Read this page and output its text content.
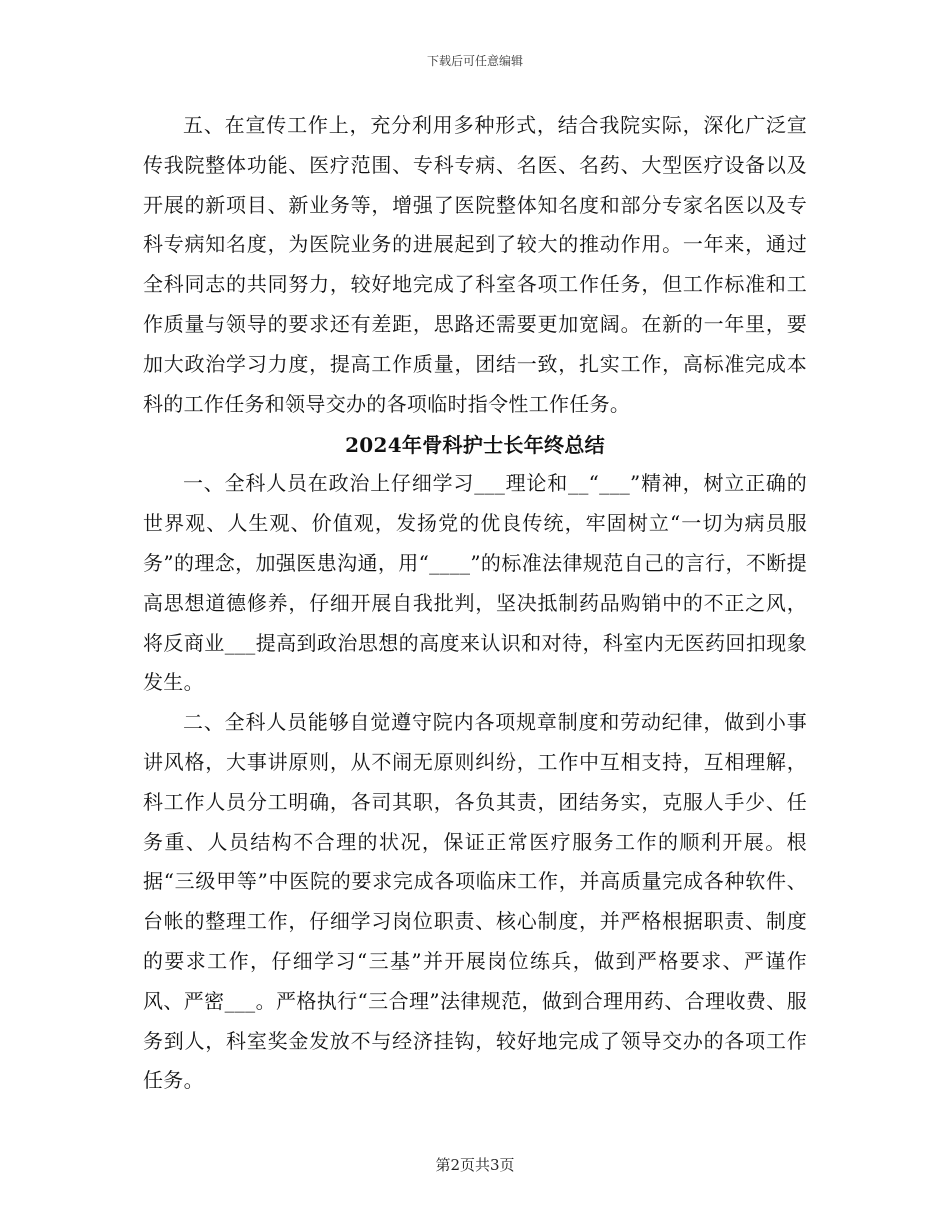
下载后可任意编辑

五、在宣传工作上，充分利用多种形式，结合我院实际，深化广泛宣传我院整体功能、医疗范围、专科专病、名医、名药、大型医疗设备以及开展的新项目、新业务等，增强了医院整体知名度和部分专家名医以及专科专病知名度，为医院业务的进展起到了较大的推动作用。一年来，通过全科同志的共同努力，较好地完成了科室各项工作任务，但工作标准和工作质量与领导的要求还有差距，思路还需要更加宽阔。在新的一年里，要加大政治学习力度，提高工作质量，团结一致，扎实工作，高标准完成本科的工作任务和领导交办的各项临时指令性工作任务。

2024年骨科护士长年终总结

一、全科人员在政治上仔细学习___理论和__“___”精神，树立正确的世界观、人生观、价值观，发扬党的优良传统，牢固树立“一切为病员服务”的理念，加强医患沟通，用“____”的标准法律规范自己的言行，不断提高思想道德修养，仔细开展自我批判，坚决抵制药品购销中的不正之风，将反商业___提高到政治思想的高度来认识和对待，科室内无医药回扣现象发生。

二、全科人员能够自觉遵守院内各项规章制度和劳动纪律，做到小事讲风格，大事讲原则，从不闹无原则纠纷，工作中互相支持，互相理解，科工作人员分工明确，各司其职，各负其责，团结务实，克服人手少、任务重、人员结构不合理的状况，保证正常医疗服务工作的顺利开展。根据“三级甲等”中医院的要求完成各项临床工作，并高质量完成各种软件、台帐的整理工作，仔细学习岗位职责、核心制度，并严格根据职责、制度的要求工作，仔细学习“三基”并开展岗位练兵，做到严格要求、严谨作风、严密___。严格执行“三合理”法律规范，做到合理用药、合理收费、服务到人，科室奖金发放不与经济挂钩，较好地完成了领导交办的各项工作任务。

第2页共3页
